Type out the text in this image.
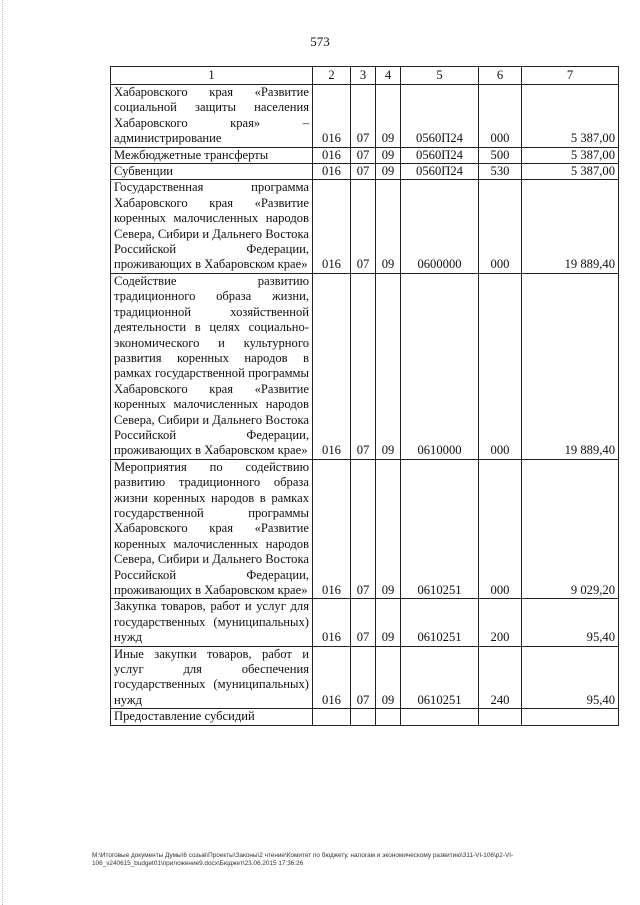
573
1	2	3	4	5	6	7
Хабаровского края «Развитие социальной защиты населения Хабаровского края» – администрирование	016	07	09	0560П24	000	5 387,00
Межбюджетные трансферты	016	07	09	0560П24	500	5 387,00
Субвенции	016	07	09	0560П24	530	5 387,00
Государственная программа Хабаровского края «Развитие коренных малочисленных народов Севера, Сибири и Дальнего Востока Российской Федерации, проживающих в Хабаровском крае»	016	07	09	0600000	000	19 889,40
Содействие развитию традиционного образа жизни, традиционной хозяйственной деятельности в целях социально-экономического и культурного развития коренных народов в рамках государственной программы Хабаровского края «Развитие коренных малочисленных народов Севера, Сибири и Дальнего Востока Российской Федерации, проживающих в Хабаровском крае»	016	07	09	0610000	000	19 889,40
Мероприятия по содействию развитию традиционного образа жизни коренных народов в рамках государственной программы Хабаровского края «Развитие коренных малочисленных народов Севера, Сибири и Дальнего Востока Российской Федерации, проживающих в Хабаровском крае»	016	07	09	0610251	000	9 029,20
Закупка товаров, работ и услуг для государственных (муниципальных) нужд	016	07	09	0610251	200	95,40
Иные закупки товаров, работ и услуг для обеспечения государственных (муниципальных) нужд	016	07	09	0610251	240	95,40
Предоставление субсидий						
М:\Итоговые документы Думы\6 созыв\Проекты\Законы\2 чтение\Комитет по бюджету, налогам и экономическому развитию\311-VI-106\р2-VI-
106_v240615_budget01\приложение9.docx\Бюджет\23.06.2015 17:36:26
